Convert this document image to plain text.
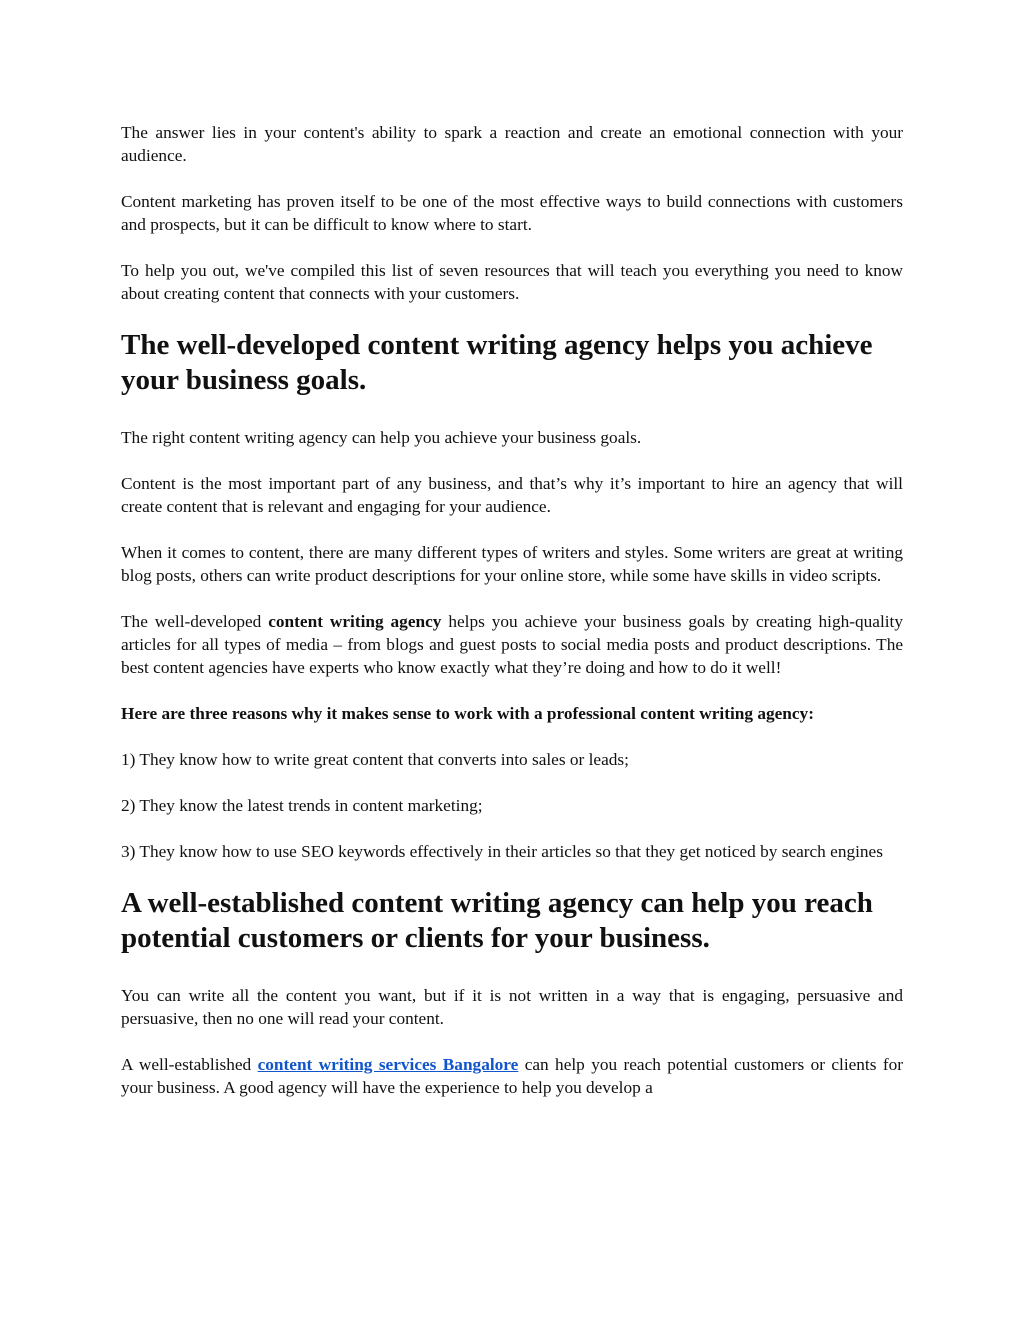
The answer lies in your content's ability to spark a reaction and create an emotional connection with your audience.

Content marketing has proven itself to be one of the most effective ways to build connections with customers and prospects, but it can be difficult to know where to start.

To help you out, we've compiled this list of seven resources that will teach you everything you need to know about creating content that connects with your customers.

The well-developed content writing agency helps you achieve your business goals.

The right content writing agency can help you achieve your business goals.

Content is the most important part of any business, and that’s why it’s important to hire an agency that will create content that is relevant and engaging for your audience.

When it comes to content, there are many different types of writers and styles. Some writers are great at writing blog posts, others can write product descriptions for your online store, while some have skills in video scripts.

The well-developed content writing agency helps you achieve your business goals by creating high-quality articles for all types of media – from blogs and guest posts to social media posts and product descriptions. The best content agencies have experts who know exactly what they’re doing and how to do it well!

Here are three reasons why it makes sense to work with a professional content writing agency:

1) They know how to write great content that converts into sales or leads;

2) They know the latest trends in content marketing;

3) They know how to use SEO keywords effectively in their articles so that they get noticed by search engines

A well-established content writing agency can help you reach potential customers or clients for your business.

You can write all the content you want, but if it is not written in a way that is engaging, persuasive and persuasive, then no one will read your content.

A well-established content writing services Bangalore can help you reach potential customers or clients for your business. A good agency will have the experience to help you develop a
